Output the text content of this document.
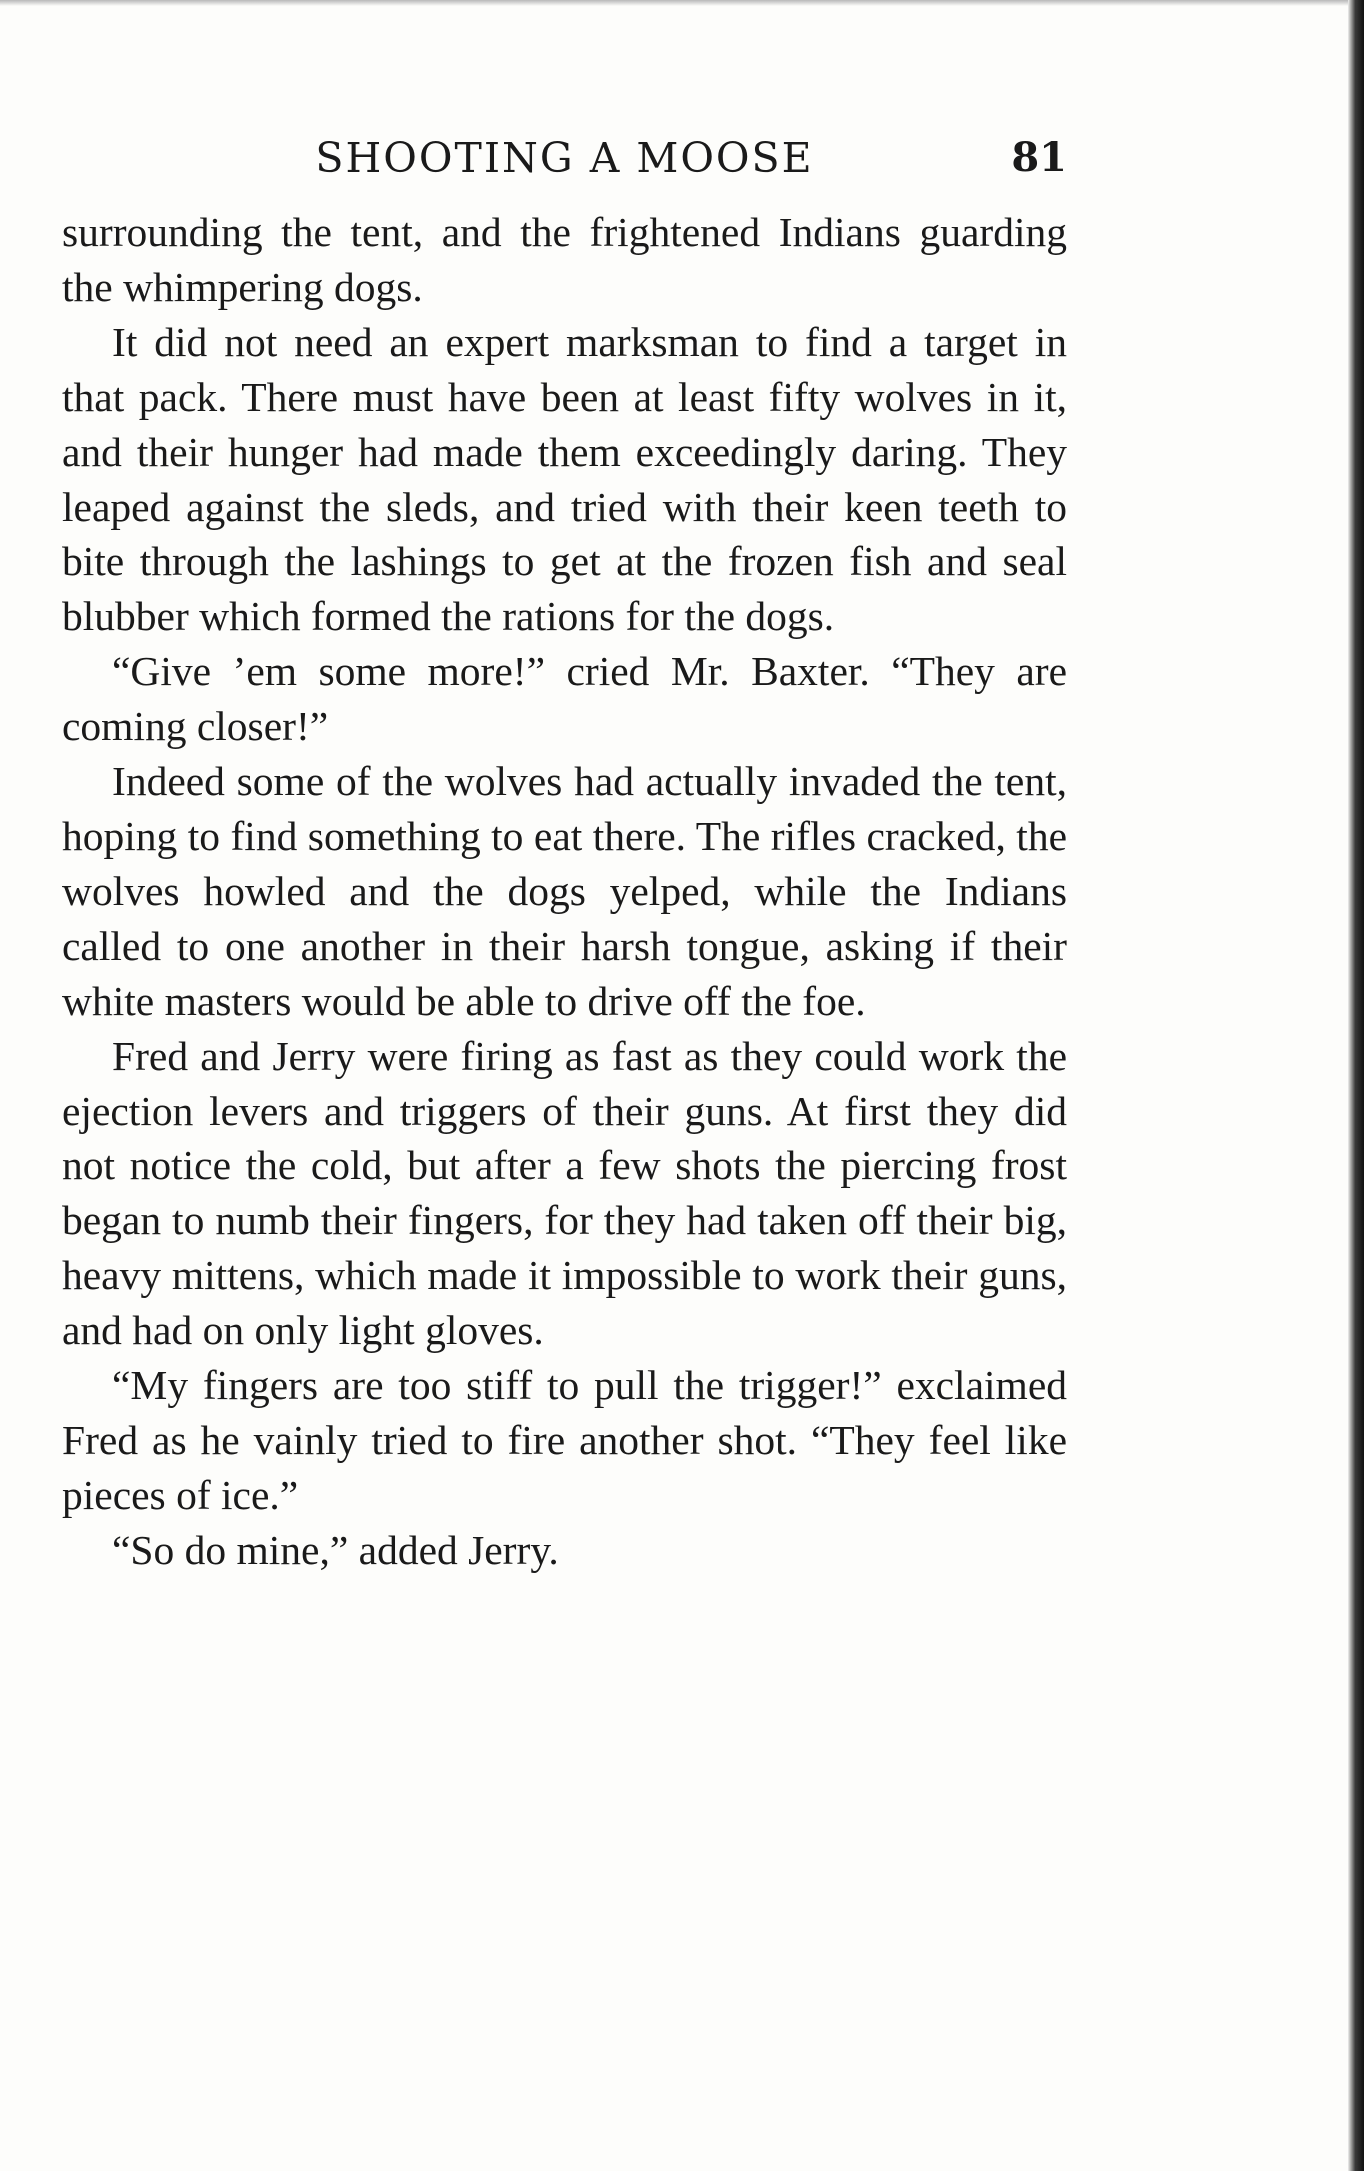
SHOOTING A MOOSE	81

surrounding the tent, and the frightened Indians guarding the whimpering dogs.

It did not need an expert marksman to find a target in that pack. There must have been at least fifty wolves in it, and their hunger had made them exceedingly daring. They leaped against the sleds, and tried with their keen teeth to bite through the lashings to get at the frozen fish and seal blubber which formed the rations for the dogs.

“Give ’em some more!” cried Mr. Baxter. “They are coming closer!”

Indeed some of the wolves had actually invaded the tent, hoping to find something to eat there. The rifles cracked, the wolves howled and the dogs yelped, while the Indians called to one another in their harsh tongue, asking if their white masters would be able to drive off the foe.

Fred and Jerry were firing as fast as they could work the ejection levers and triggers of their guns. At first they did not notice the cold, but after a few shots the piercing frost began to numb their fingers, for they had taken off their big, heavy mittens, which made it impossible to work their guns, and had on only light gloves.

“My fingers are too stiff to pull the trigger!” exclaimed Fred as he vainly tried to fire another shot. “They feel like pieces of ice.”

“So do mine,” added Jerry.
